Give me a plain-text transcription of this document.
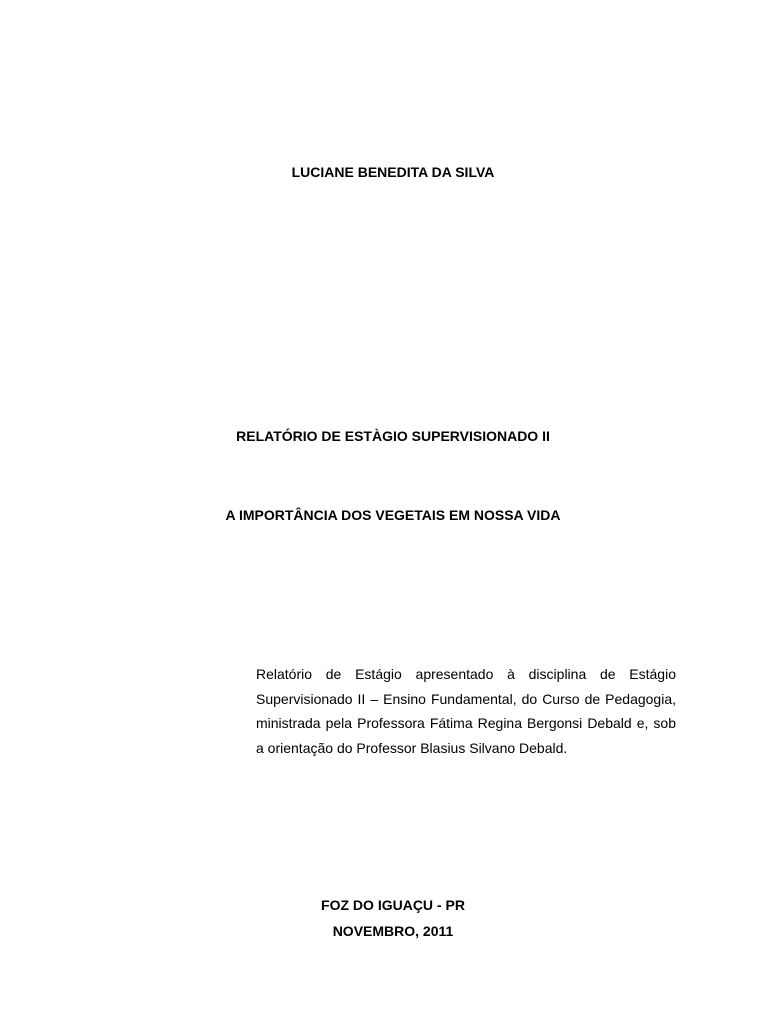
LUCIANE BENEDITA DA SILVA
RELATÓRIO DE ESTÀGIO SUPERVISIONADO II
A IMPORTÂNCIA DOS VEGETAIS EM NOSSA VIDA
Relatório de Estágio apresentado à disciplina de Estágio Supervisionado II – Ensino Fundamental, do Curso de Pedagogia, ministrada pela Professora Fátima Regina Bergonsi Debald e, sob a orientação do Professor Blasius Silvano Debald.
FOZ DO IGUAÇU - PR
NOVEMBRO, 2011
